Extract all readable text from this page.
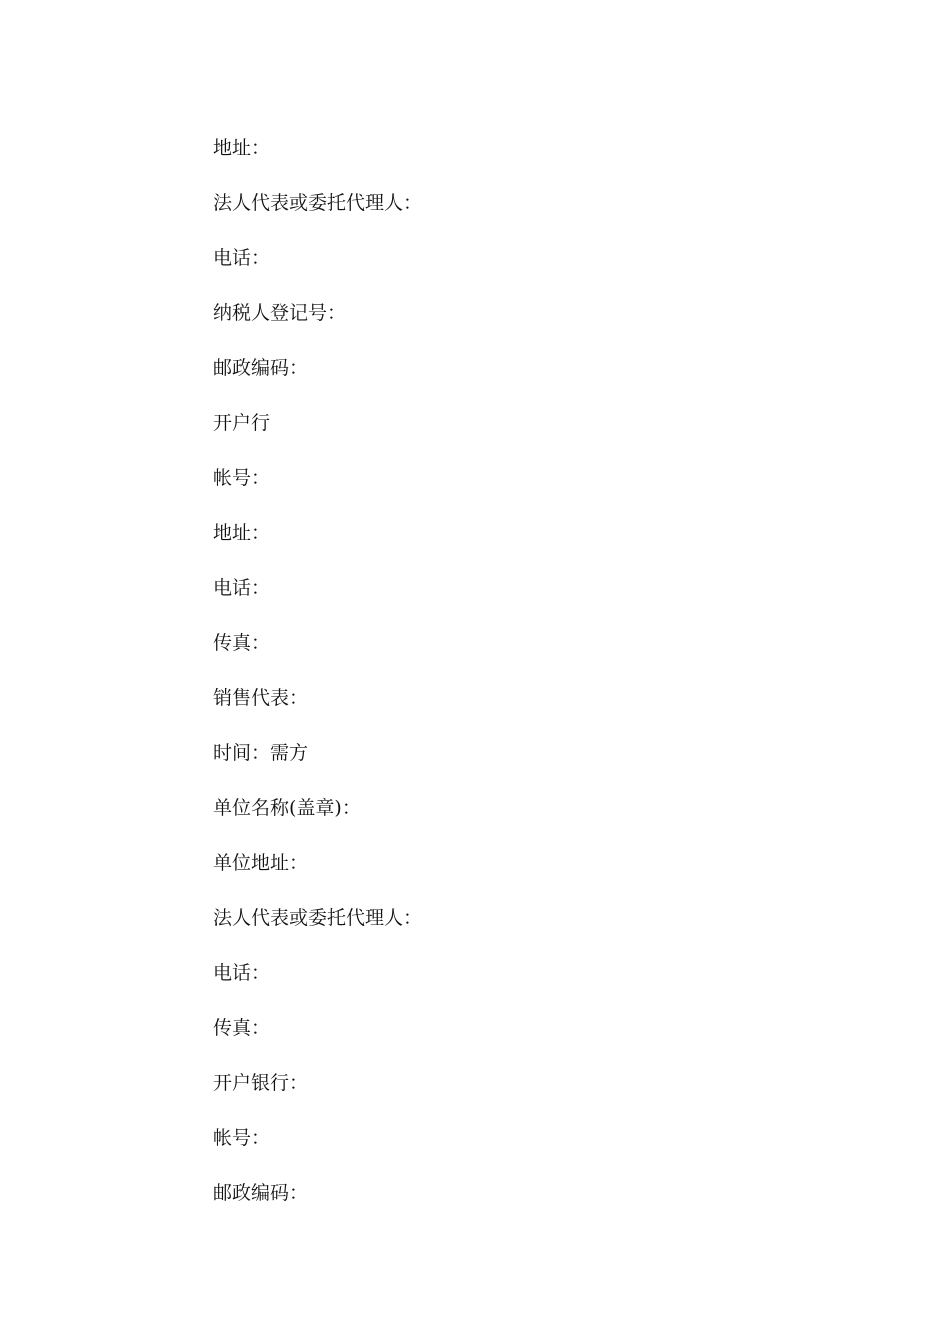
地址：
法人代表或委托代理人：
电话：
纳税人登记号：
邮政编码：
开户行
帐号：
地址：
电话：
传真：
销售代表：
时间：需方
单位名称(盖章)：
单位地址：
法人代表或委托代理人：
电话：
传真：
开户银行：
帐号：
邮政编码：
